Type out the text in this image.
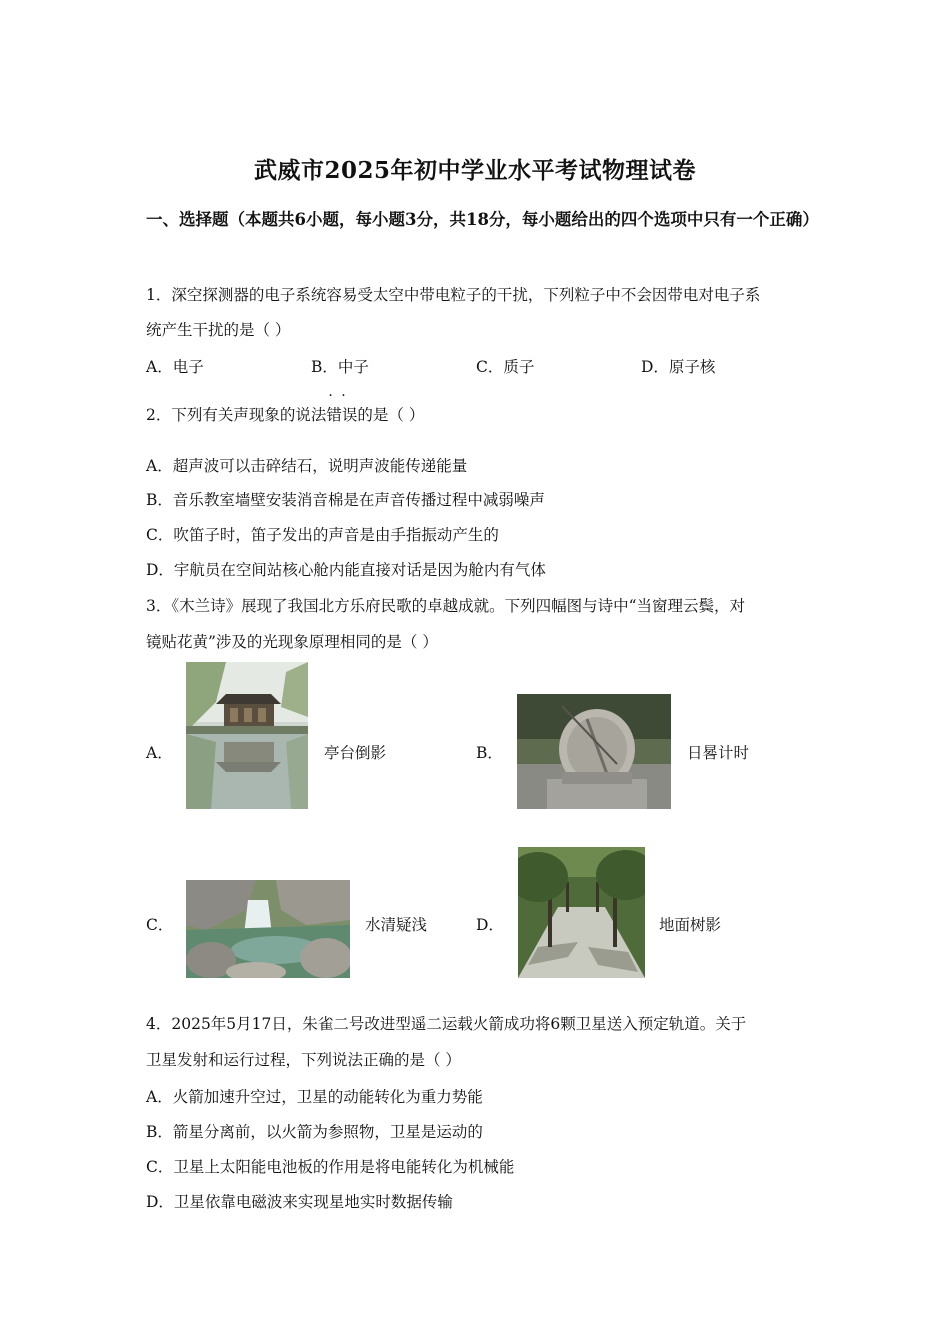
武威市2025年初中学业水平考试物理试卷
一、选择题（本题共6小题，每小题3分，共18分，每小题给出的四个选项中只有一个正确）
1．深空探测器的电子系统容易受太空中带电粒子的干扰，下列粒子中不会因带电对电子系
统产生干扰的是（ ）
A．电子	B．中子	C．质子	D．原子核
2．下列有关声现象的说法· · 错误的是（ ）
A．超声波可以击碎结石，说明声波能传递能量
B．音乐教室墙壁安装消音棉是在声音传播过程中减弱噪声
C．吹笛子时，笛子发出的声音是由手指振动产生的
D．宇航员在空间站核心舱内能直接对话是因为舱内有气体
3．《木兰诗》展现了我国北方乐府民歌的卓越成就。下列四幅图与诗中“当窗理云鬓，对
镜贴花黄”涉及的光现象原理相同的是（ ）
A．	亭台倒影	B．	日晷计时
C．	水清疑浅	D．	地面树影
4．2025年5月17日，朱雀二号改进型遥二运载火箭成功将6颗卫星送入预定轨道。关于
卫星发射和运行过程，下列说法正确的是（ ）
A．火箭加速升空过，卫星的动能转化为重力势能
B．箭星分离前，以火箭为参照物，卫星是运动的
C．卫星上太阳能电池板的作用是将电能转化为机械能
D．卫星依靠电磁波来实现星地实时数据传输
